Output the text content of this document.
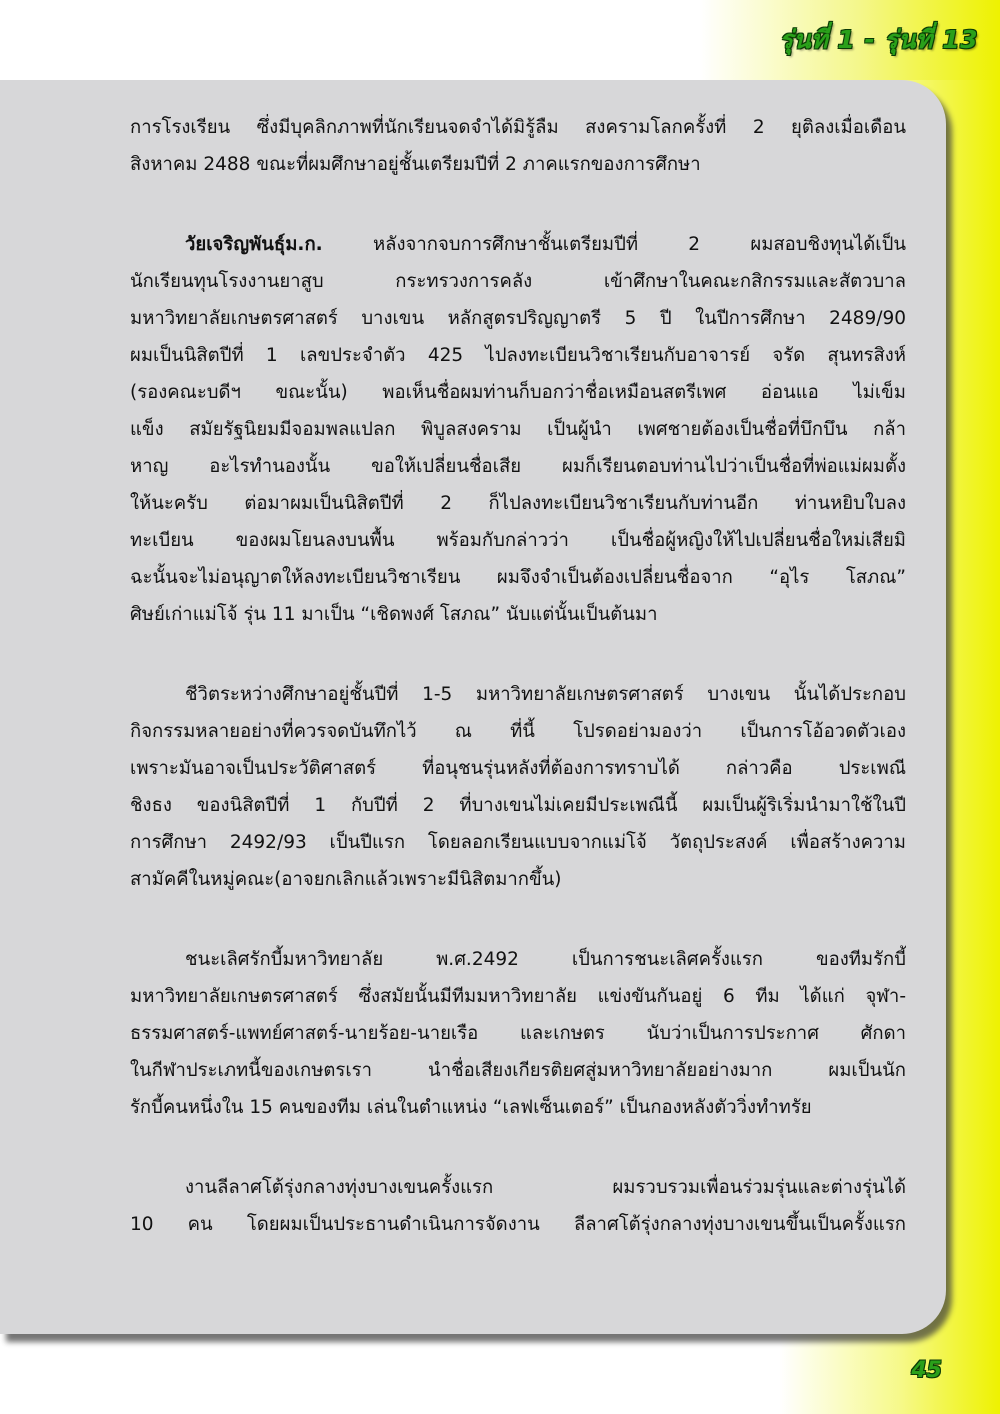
รุ่นที่ 1 - รุ่นที่ 13
การโรงเรียน ซึ่งมีบุคลิกภาพที่นักเรียนจดจำได้มิรู้ลืม สงครามโลกครั้งที่ 2 ยุติลงเมื่อเดือน
สิงหาคม 2488 ขณะที่ผมศึกษาอยู่ชั้นเตรียมปีที่ 2 ภาคแรกของการศึกษา
วัยเจริญพันธุ์ม.ก. หลังจากจบการศึกษาชั้นเตรียมปีที่ 2 ผมสอบชิงทุนได้เป็น
นักเรียนทุนโรงงานยาสูบ กระทรวงการคลัง เข้าศึกษาในคณะกสิกรรมและสัตวบาล
มหาวิทยาลัยเกษตรศาสตร์ บางเขน หลักสูตรปริญญาตรี 5 ปี ในปีการศึกษา 2489/90
ผมเป็นนิสิตปีที่ 1 เลขประจำตัว 425 ไปลงทะเบียนวิชาเรียนกับอาจารย์ จรัด สุนทรสิงห์
(รองคณะบดีฯ ขณะนั้น) พอเห็นชื่อผมท่านก็บอกว่าชื่อเหมือนสตรีเพศ อ่อนแอ ไม่เข็ม
แข็ง สมัยรัฐนิยมมีจอมพลแปลก พิบูลสงคราม เป็นผู้นำ เพศชายต้องเป็นชื่อที่บึกบึน กล้า
หาญ อะไรทำนองนั้น ขอให้เปลี่ยนชื่อเสีย ผมก็เรียนตอบท่านไปว่าเป็นชื่อที่พ่อแม่ผมตั้ง
ให้นะครับ ต่อมาผมเป็นนิสิตปีที่ 2 ก็ไปลงทะเบียนวิชาเรียนกับท่านอีก ท่านหยิบใบลง
ทะเบียน ของผมโยนลงบนพื้น พร้อมกับกล่าวว่า เป็นชื่อผู้หญิงให้ไปเปลี่ยนชื่อใหม่เสียมิ
ฉะนั้นจะไม่อนุญาตให้ลงทะเบียนวิชาเรียน ผมจึงจำเป็นต้องเปลี่ยนชื่อจาก “อุไร โสภณ”
ศิษย์เก่าแม่โจ้ รุ่น 11 มาเป็น “เชิดพงศ์ โสภณ” นับแต่นั้นเป็นต้นมา
ชีวิตระหว่างศึกษาอยู่ชั้นปีที่ 1-5 มหาวิทยาลัยเกษตรศาสตร์ บางเขน นั้นได้ประกอบ
กิจกรรมหลายอย่างที่ควรจดบันทึกไว้ ณ ที่นี้ โปรดอย่ามองว่า เป็นการโอ้อวดตัวเอง
เพราะมันอาจเป็นประวัติศาสตร์ ที่อนุชนรุ่นหลังที่ต้องการทราบได้ กล่าวคือ ประเพณี
ชิงธง ของนิสิตปีที่ 1 กับปีที่ 2 ที่บางเขนไม่เคยมีประเพณีนี้ ผมเป็นผู้ริเริ่มนำมาใช้ในปี
การศึกษา 2492/93 เป็นปีแรก โดยลอกเรียนแบบจากแม่โจ้ วัตถุประสงค์ เพื่อสร้างความ
สามัคคีในหมู่คณะ(อาจยกเลิกแล้วเพราะมีนิสิตมากขึ้น)
ชนะเลิศรักบี้มหาวิทยาลัย พ.ศ.2492 เป็นการชนะเลิศครั้งแรก ของทีมรักบี้
มหาวิทยาลัยเกษตรศาสตร์ ซึ่งสมัยนั้นมีทีมมหาวิทยาลัย แข่งขันกันอยู่ 6 ทีม ได้แก่ จุฬา-
ธรรมศาสตร์-แพทย์ศาสตร์-นายร้อย-นายเรือ และเกษตร นับว่าเป็นการประกาศ ศักดา
ในกีฬาประเภทนี้ของเกษตรเรา นำชื่อเสียงเกียรติยศสู่มหาวิทยาลัยอย่างมาก ผมเป็นนัก
รักบี้คนหนึ่งใน 15 คนของทีม เล่นในตำแหน่ง “เลฟเซ็นเตอร์” เป็นกองหลังตัววิ่งทำทรัย
งานลีลาศโต้รุ่งกลางทุ่งบางเขนครั้งแรก ผมรวบรวมเพื่อนร่วมรุ่นและต่างรุ่นได้
10 คน โดยผมเป็นประธานดำเนินการจัดงาน ลีลาศโต้รุ่งกลางทุ่งบางเขนขึ้นเป็นครั้งแรก
45
